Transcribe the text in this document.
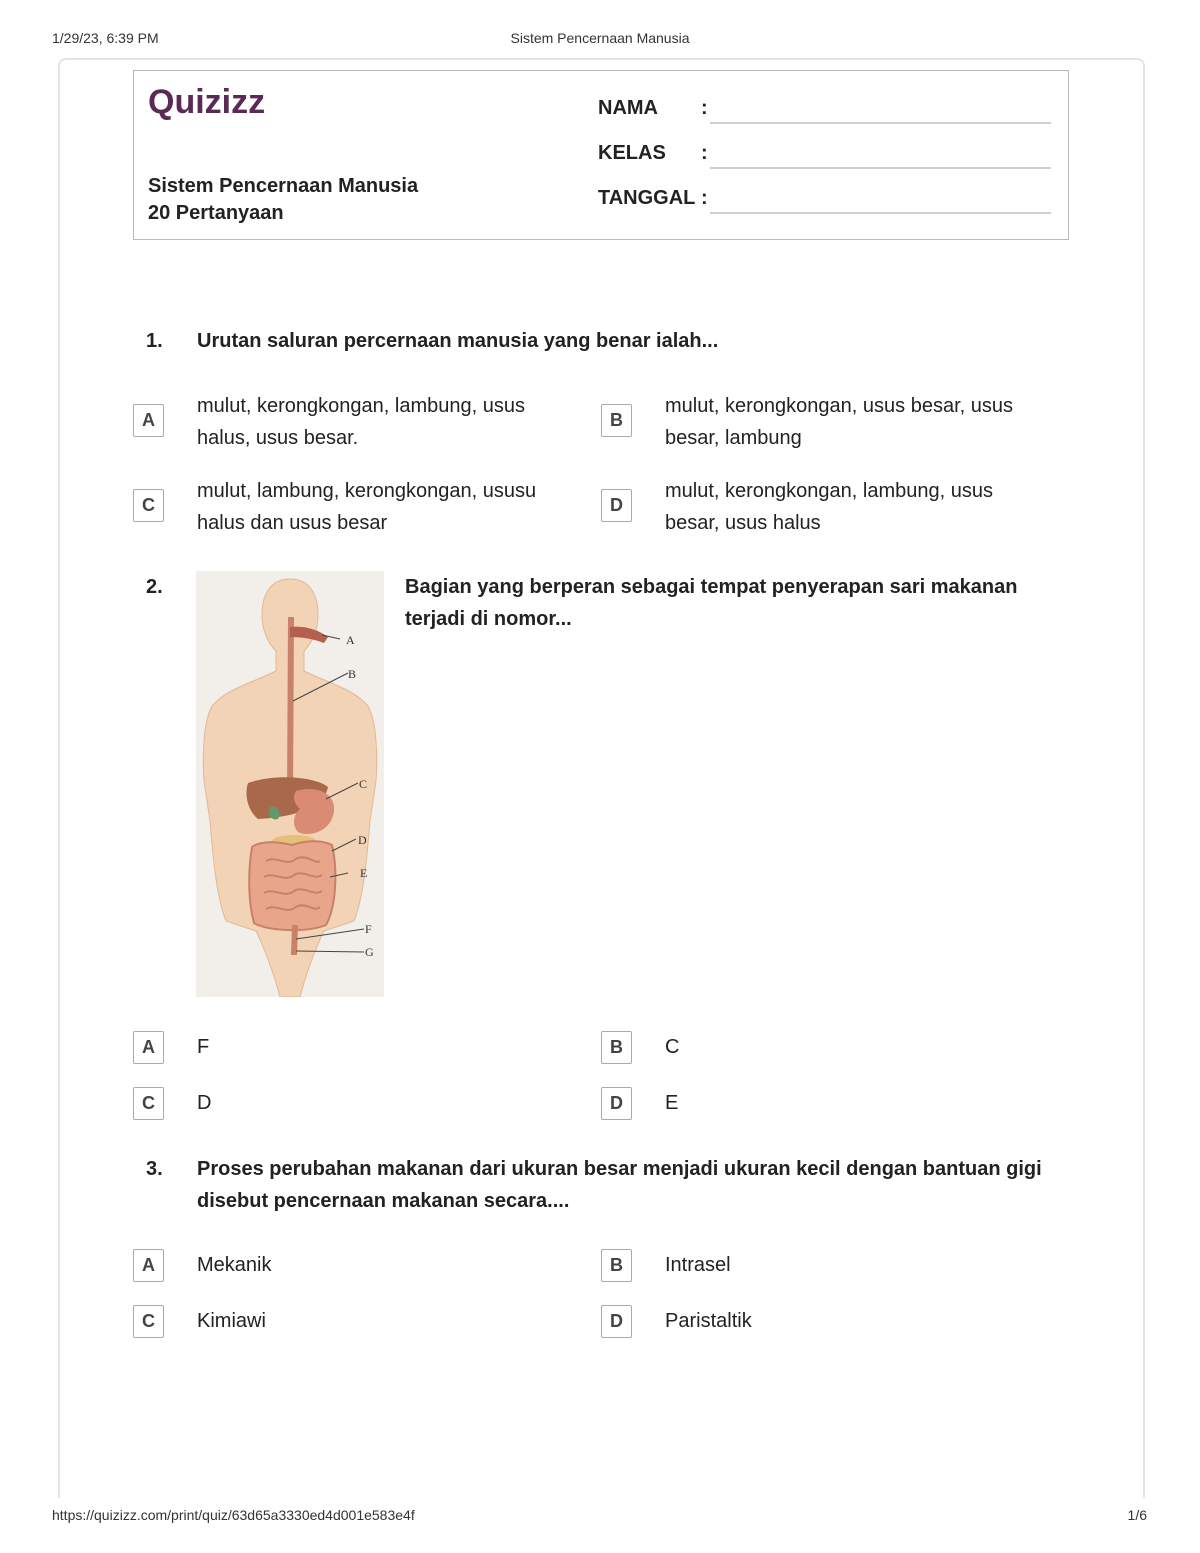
1/29/23, 6:39 PM	Sistem Pencernaan Manusia
Quizizz
Sistem Pencernaan Manusia
20 Pertanyaan
NAMA :
KELAS :
TANGGAL :
1. Urutan saluran percernaan manusia yang benar ialah...
A
mulut, kerongkongan, lambung, usus halus, usus besar.
B
mulut, kerongkongan, usus besar, usus besar, lambung
C
mulut, lambung, kerongkongan, ususu halus dan usus besar
D
mulut, kerongkongan, lambung, usus besar, usus halus
2.
A
B
C
D
E
F
G
Bagian yang berperan sebagai tempat penyerapan sari makanan terjadi di nomor...
A	F	B	C
C	D	D	E
3. Proses perubahan makanan dari ukuran besar menjadi ukuran kecil dengan bantuan gigi disebut pencernaan makanan secara....
A	Mekanik	B	Intrasel
C	Kimiawi	D	Paristaltik
https://quizizz.com/print/quiz/63d65a3330ed4d001e583e4f	1/6
